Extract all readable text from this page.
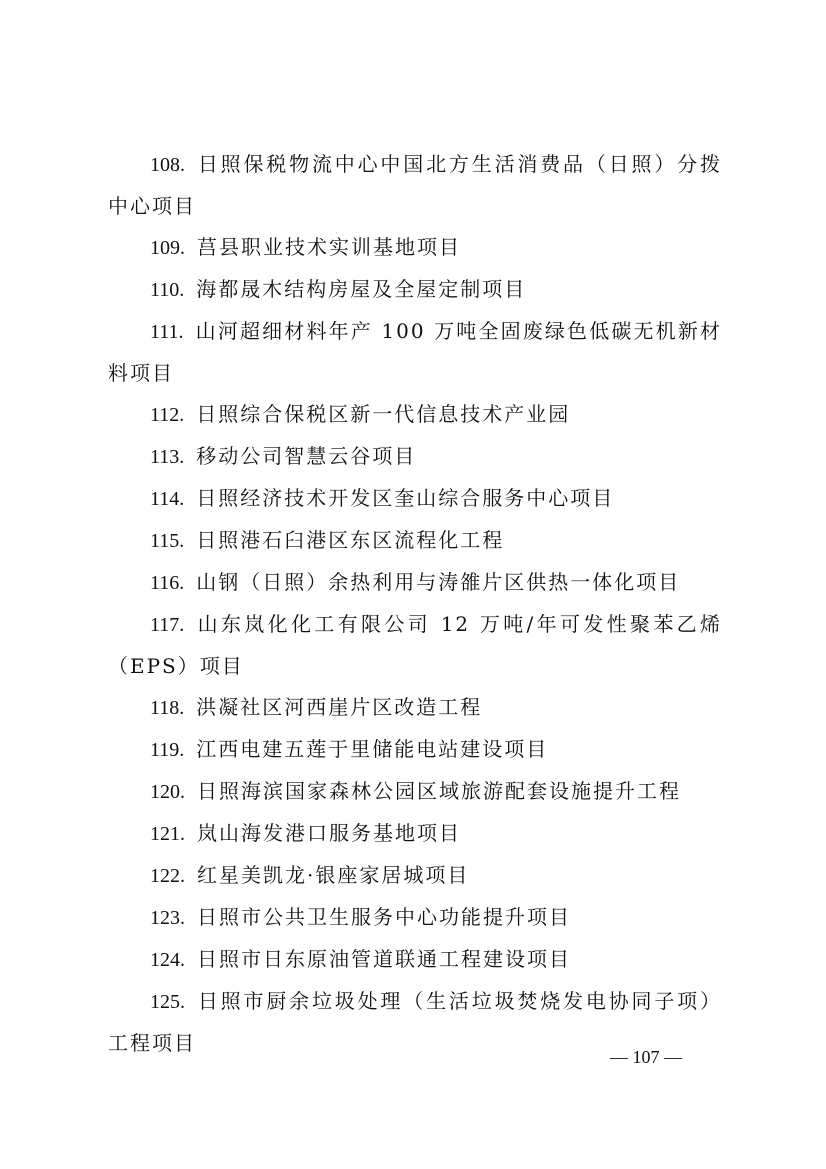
108. 日照保税物流中心中国北方生活消费品（日照）分拨中心项目
109. 莒县职业技术实训基地项目
110. 海都晟木结构房屋及全屋定制项目
111. 山河超细材料年产 100 万吨全固废绿色低碳无机新材料项目
112. 日照综合保税区新一代信息技术产业园
113. 移动公司智慧云谷项目
114. 日照经济技术开发区奎山综合服务中心项目
115. 日照港石臼港区东区流程化工程
116. 山钢（日照）余热利用与涛雒片区供热一体化项目
117. 山东岚化化工有限公司 12 万吨/年可发性聚苯乙烯（EPS）项目
118. 洪凝社区河西崖片区改造工程
119. 江西电建五莲于里储能电站建设项目
120. 日照海滨国家森林公园区域旅游配套设施提升工程
121. 岚山海发港口服务基地项目
122. 红星美凯龙·银座家居城项目
123. 日照市公共卫生服务中心功能提升项目
124. 日照市日东原油管道联通工程建设项目
125. 日照市厨余垃圾处理（生活垃圾焚烧发电协同子项）工程项目
— 107 —
